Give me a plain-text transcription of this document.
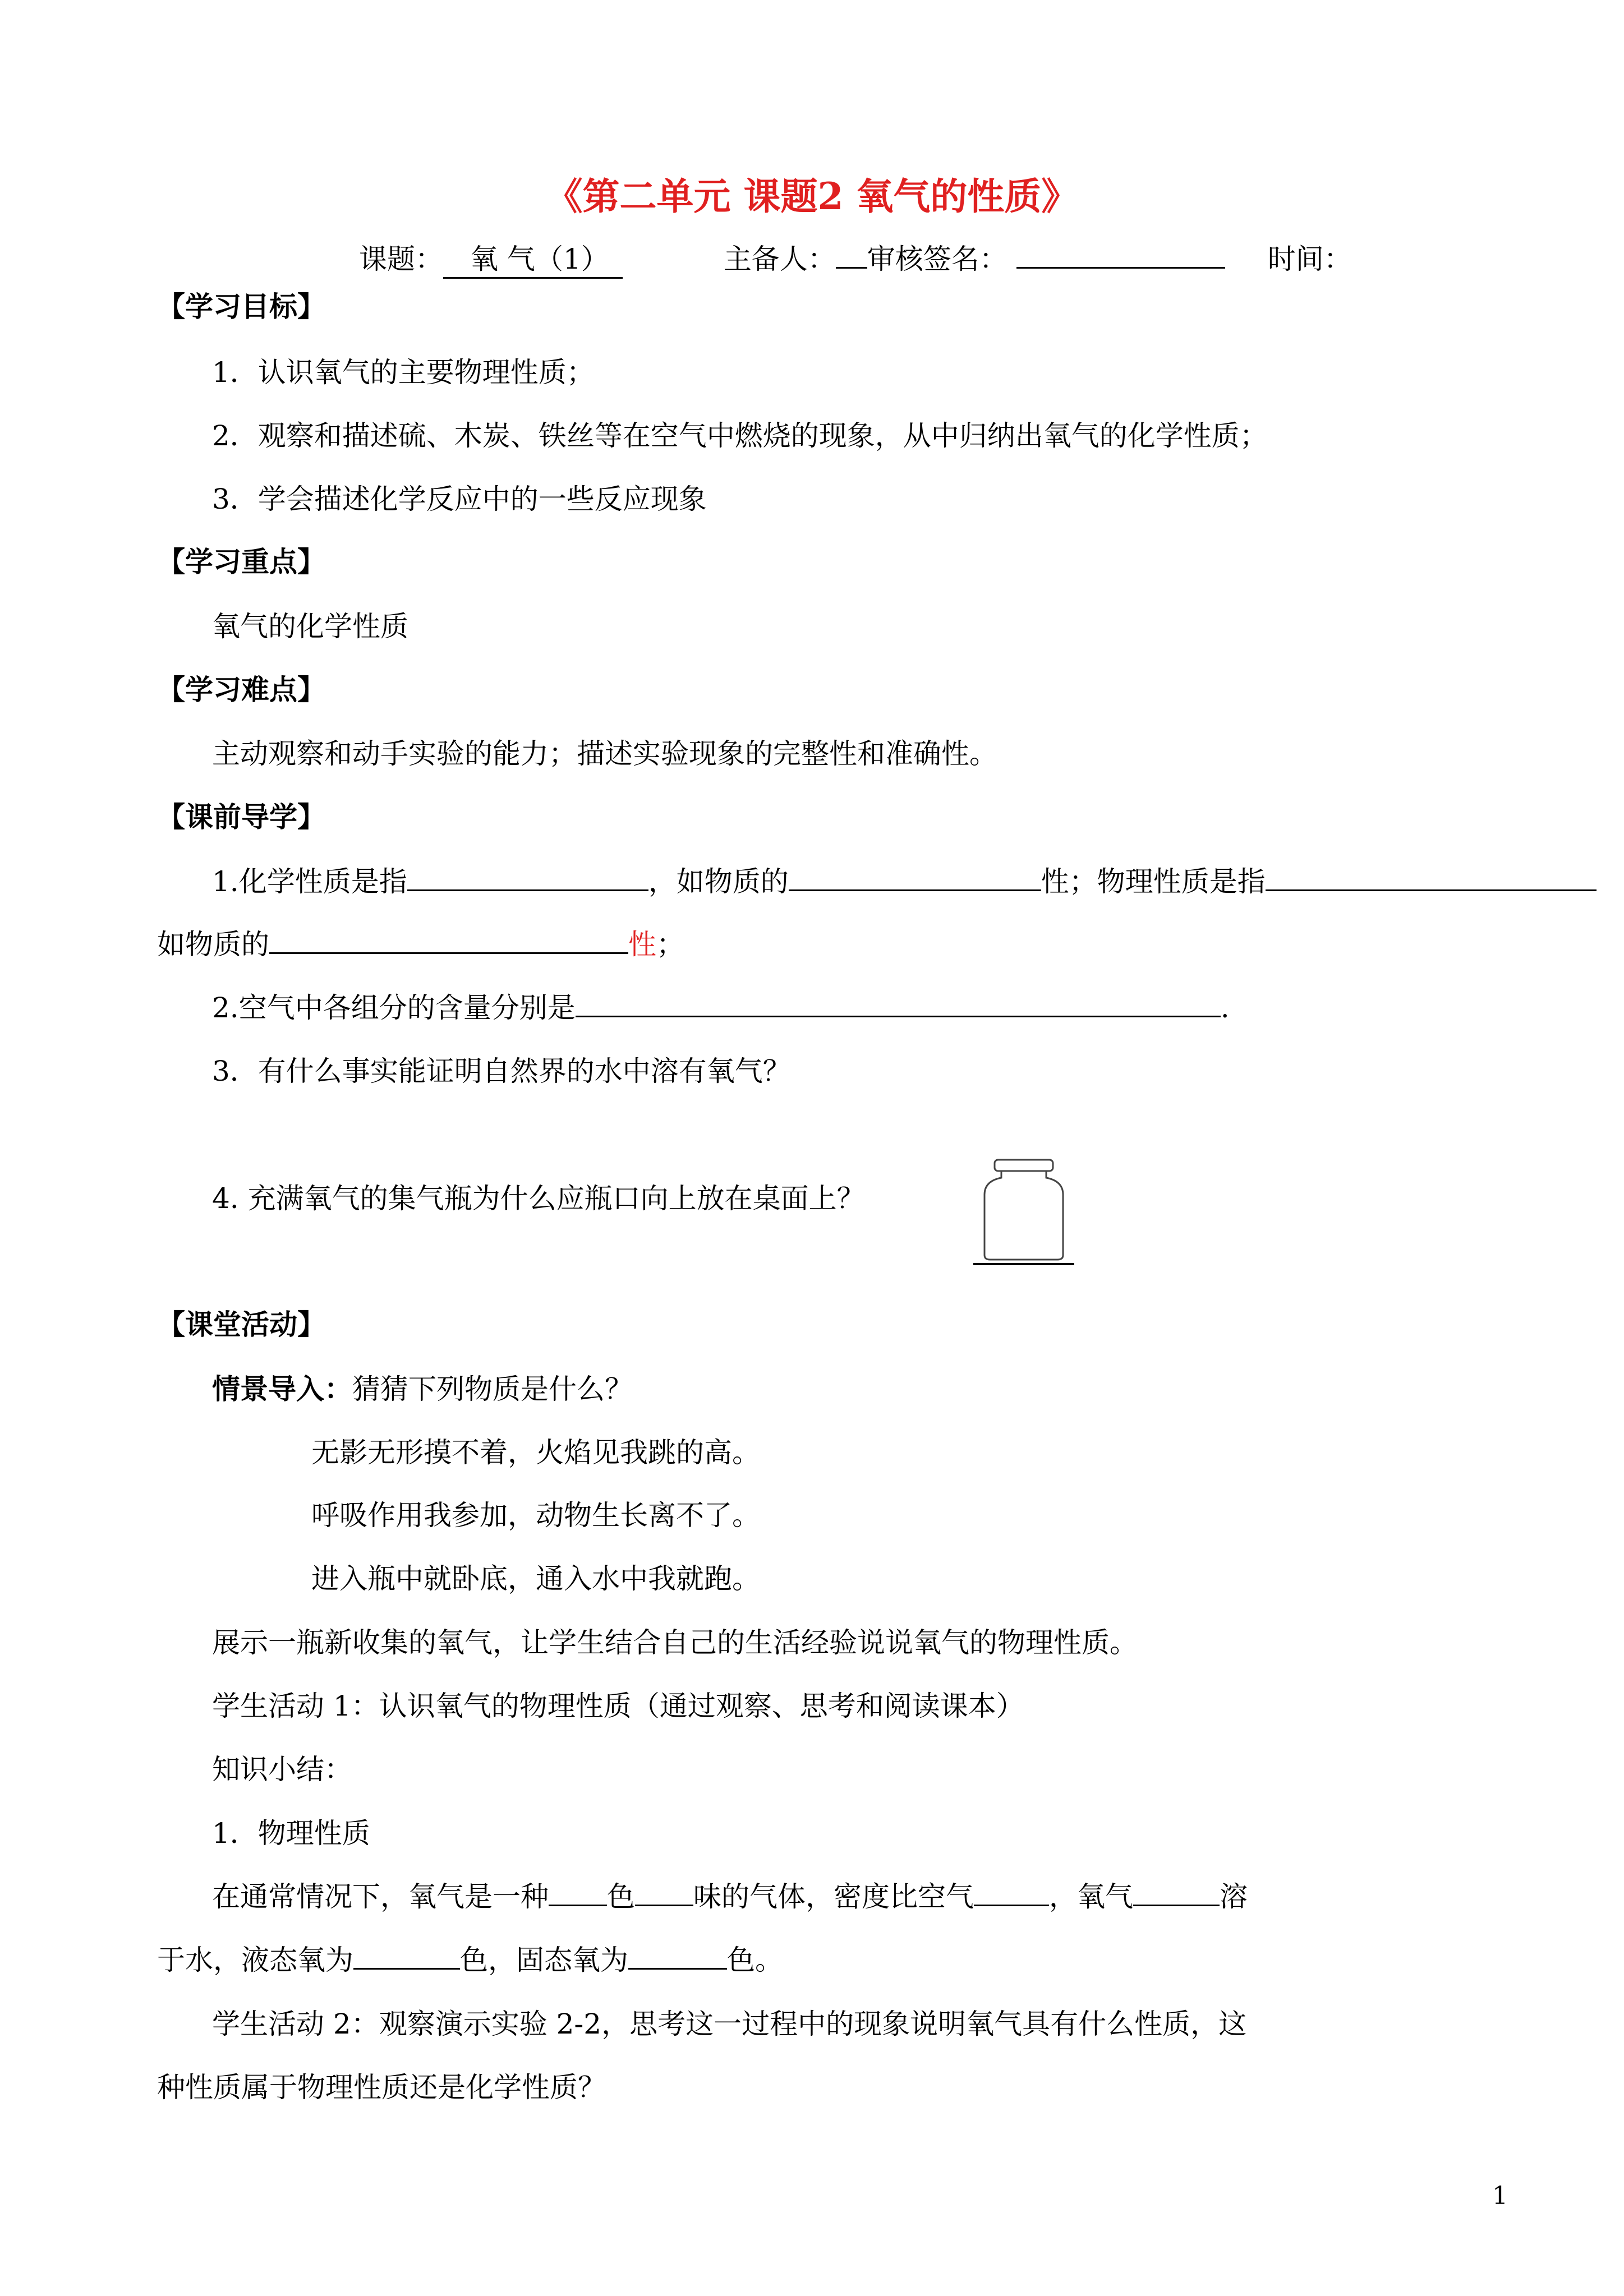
《第二单元 课题2 氧气的性质》
课题： 氧 气（1）	主备人： 审核签名：	时间：
【学习目标】
1．认识氧气的主要物理性质；
2．观察和描述硫、木炭、铁丝等在空气中燃烧的现象，从中归纳出氧气的化学性质；
3．学会描述化学反应中的一些反应现象
【学习重点】
氧气的化学性质
【学习难点】
主动观察和动手实验的能力；描述实验现象的完整性和准确性。
【课前导学】
1.化学性质是指	，如物质的	性；物理性质是指
如物质的	性；
2.空气中各组分的含量分别是	.
3．有什么事实能证明自然界的水中溶有氧气？
4. 充满氧气的集气瓶为什么应瓶口向上放在桌面上？
【课堂活动】
情景导入：猜猜下列物质是什么？
无影无形摸不着，火焰见我跳的高。
呼吸作用我参加，动物生长离不了。
进入瓶中就卧底，通入水中我就跑。
展示一瓶新收集的氧气，让学生结合自己的生活经验说说氧气的物理性质。
学生活动 1：认识氧气的物理性质（通过观察、思考和阅读课本）
知识小结：
1．物理性质
在通常情况下，氧气是一种 色 味的气体，密度比空气	，氧气	溶
于水，液态氧为	色，固态氧为	色。
学生活动 2：观察演示实验 2-2，思考这一过程中的现象说明氧气具有什么性质，这
种性质属于物理性质还是化学性质？
1
